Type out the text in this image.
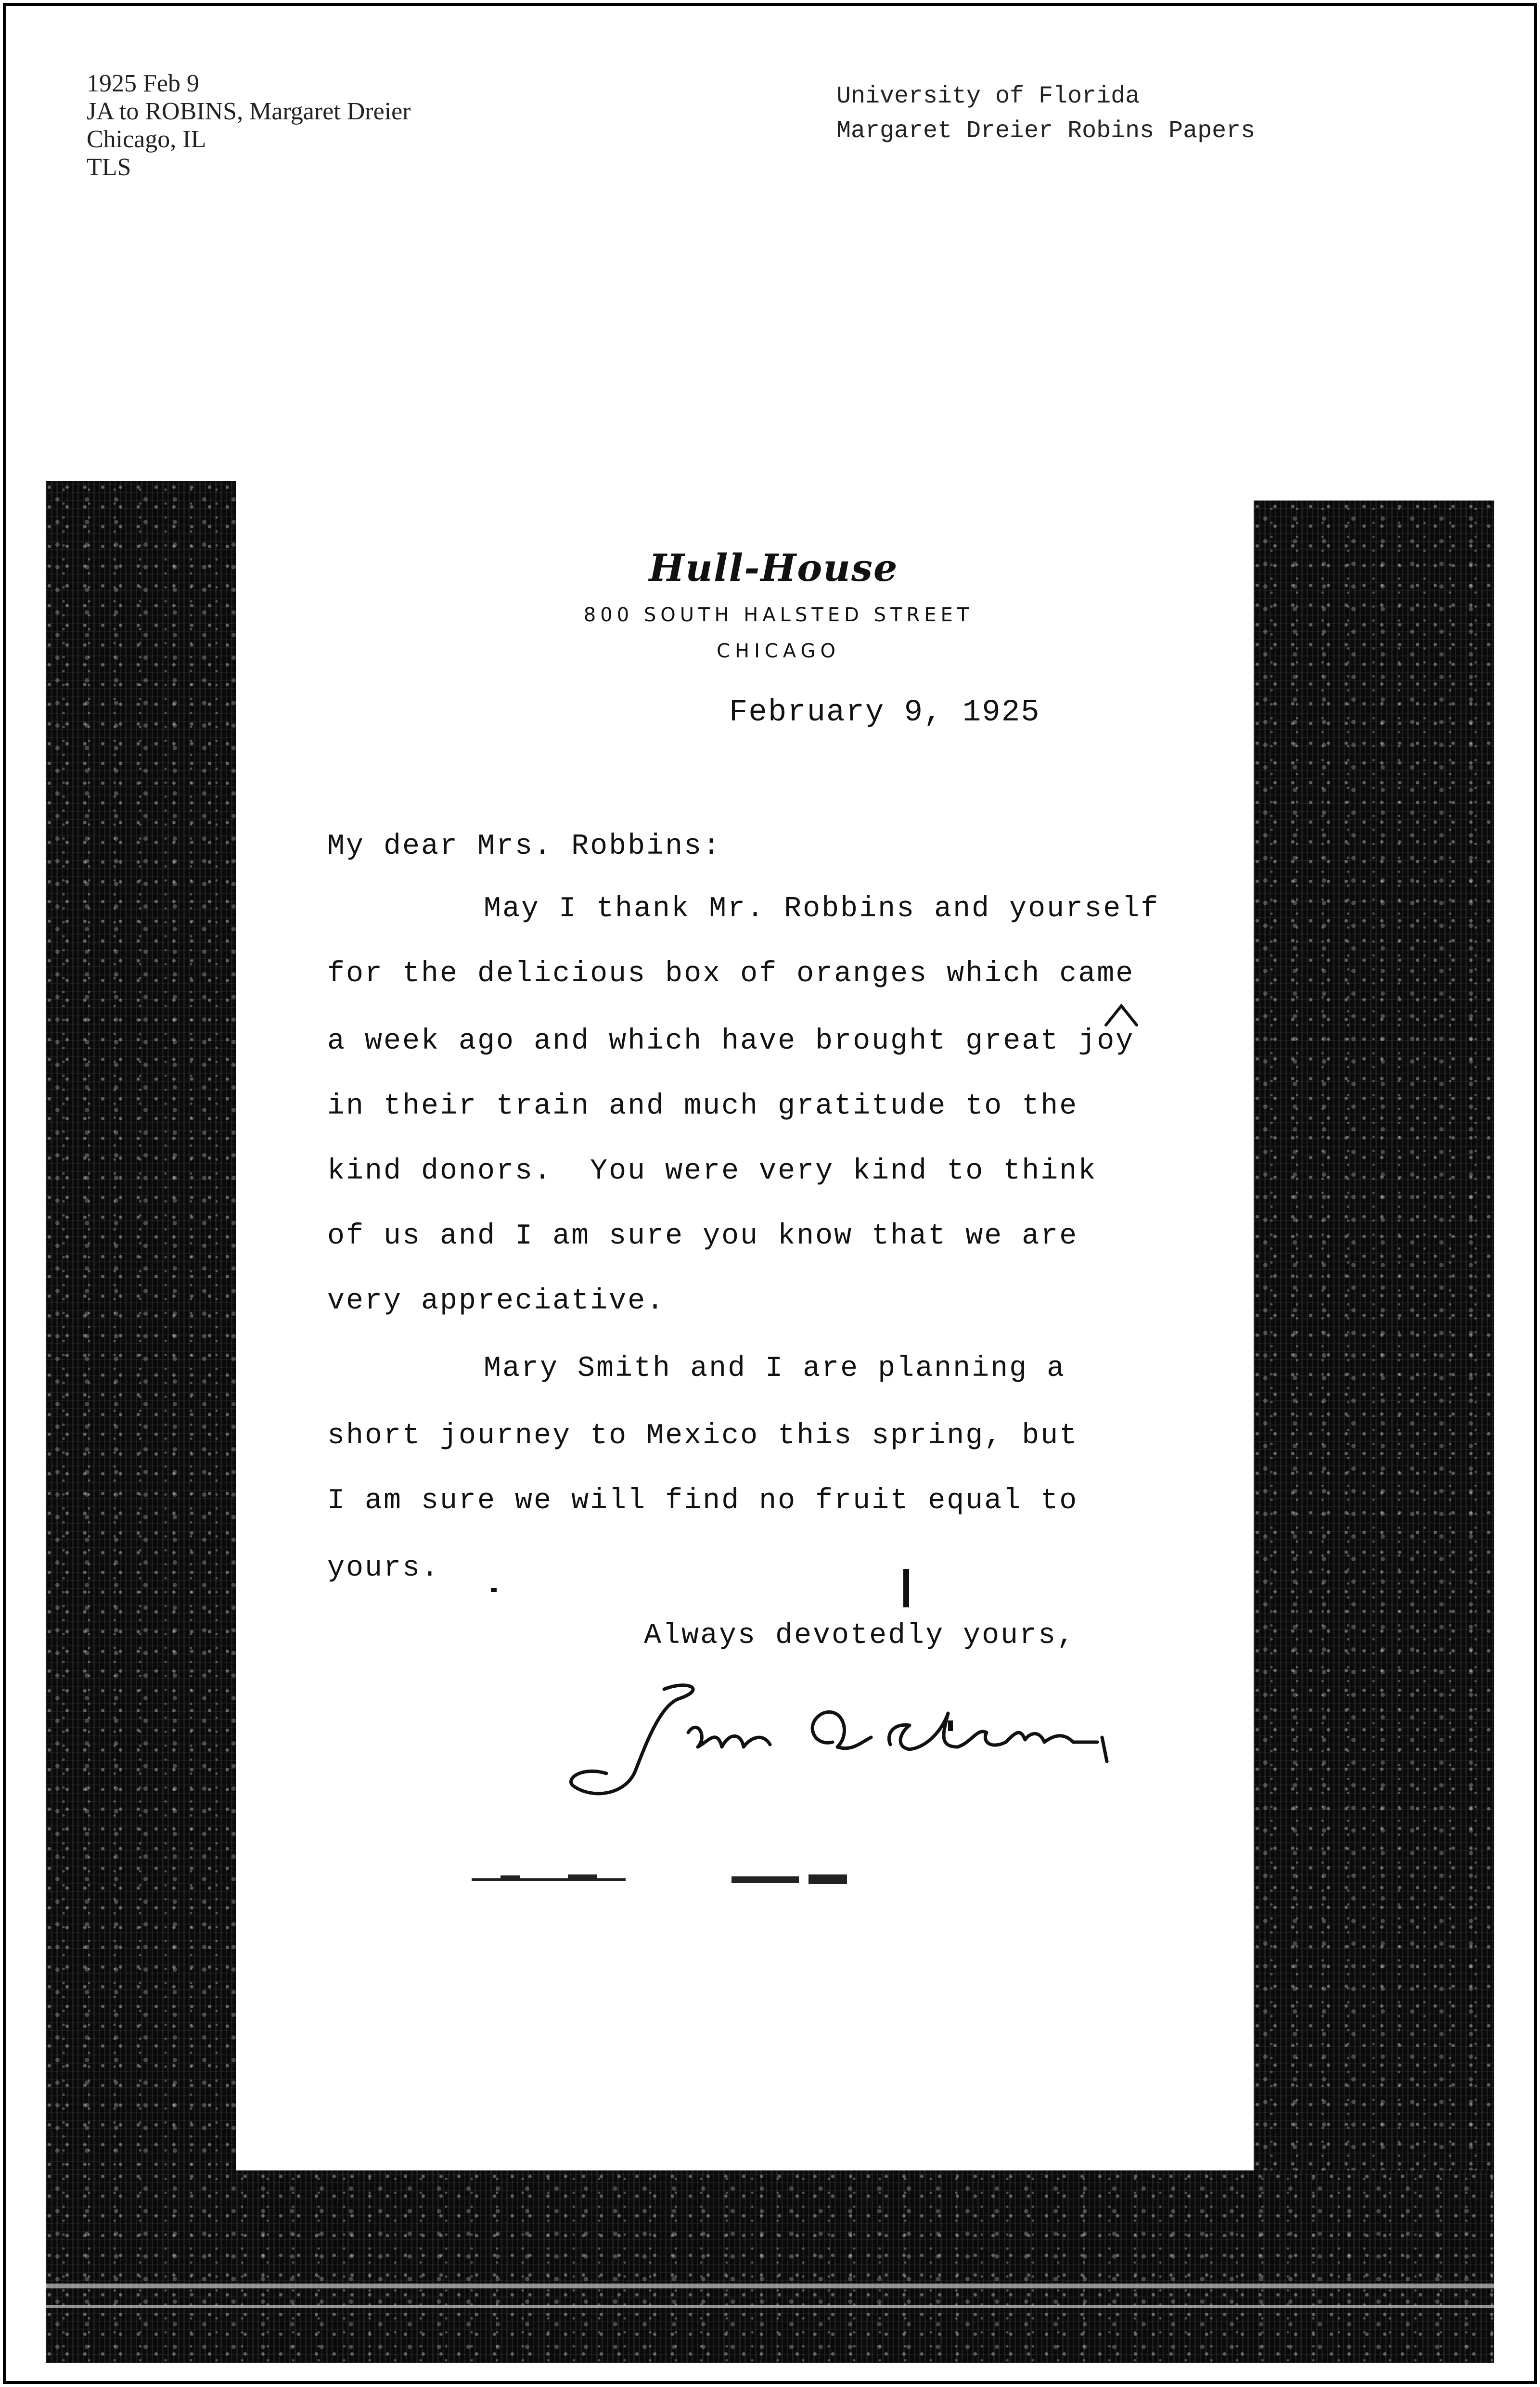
1925 Feb 9
JA to ROBINS, Margaret Dreier
Chicago, IL
TLS
University of Florida
Margaret Dreier Robins Papers
Hull-House
800 SOUTH HALSTED STREET
CHICAGO
February 9, 1925
My dear Mrs. Robbins:
May I thank Mr. Robbins and yourself
for the delicious box of oranges which came
a week ago and which have brought great joy
in their train and much gratitude to the
kind donors.  You were very kind to think
of us and I am sure you know that we are
very appreciative.
Mary Smith and I are planning a
short journey to Mexico this spring, but
I am sure we will find no fruit equal to
yours.
Always devotedly yours,
